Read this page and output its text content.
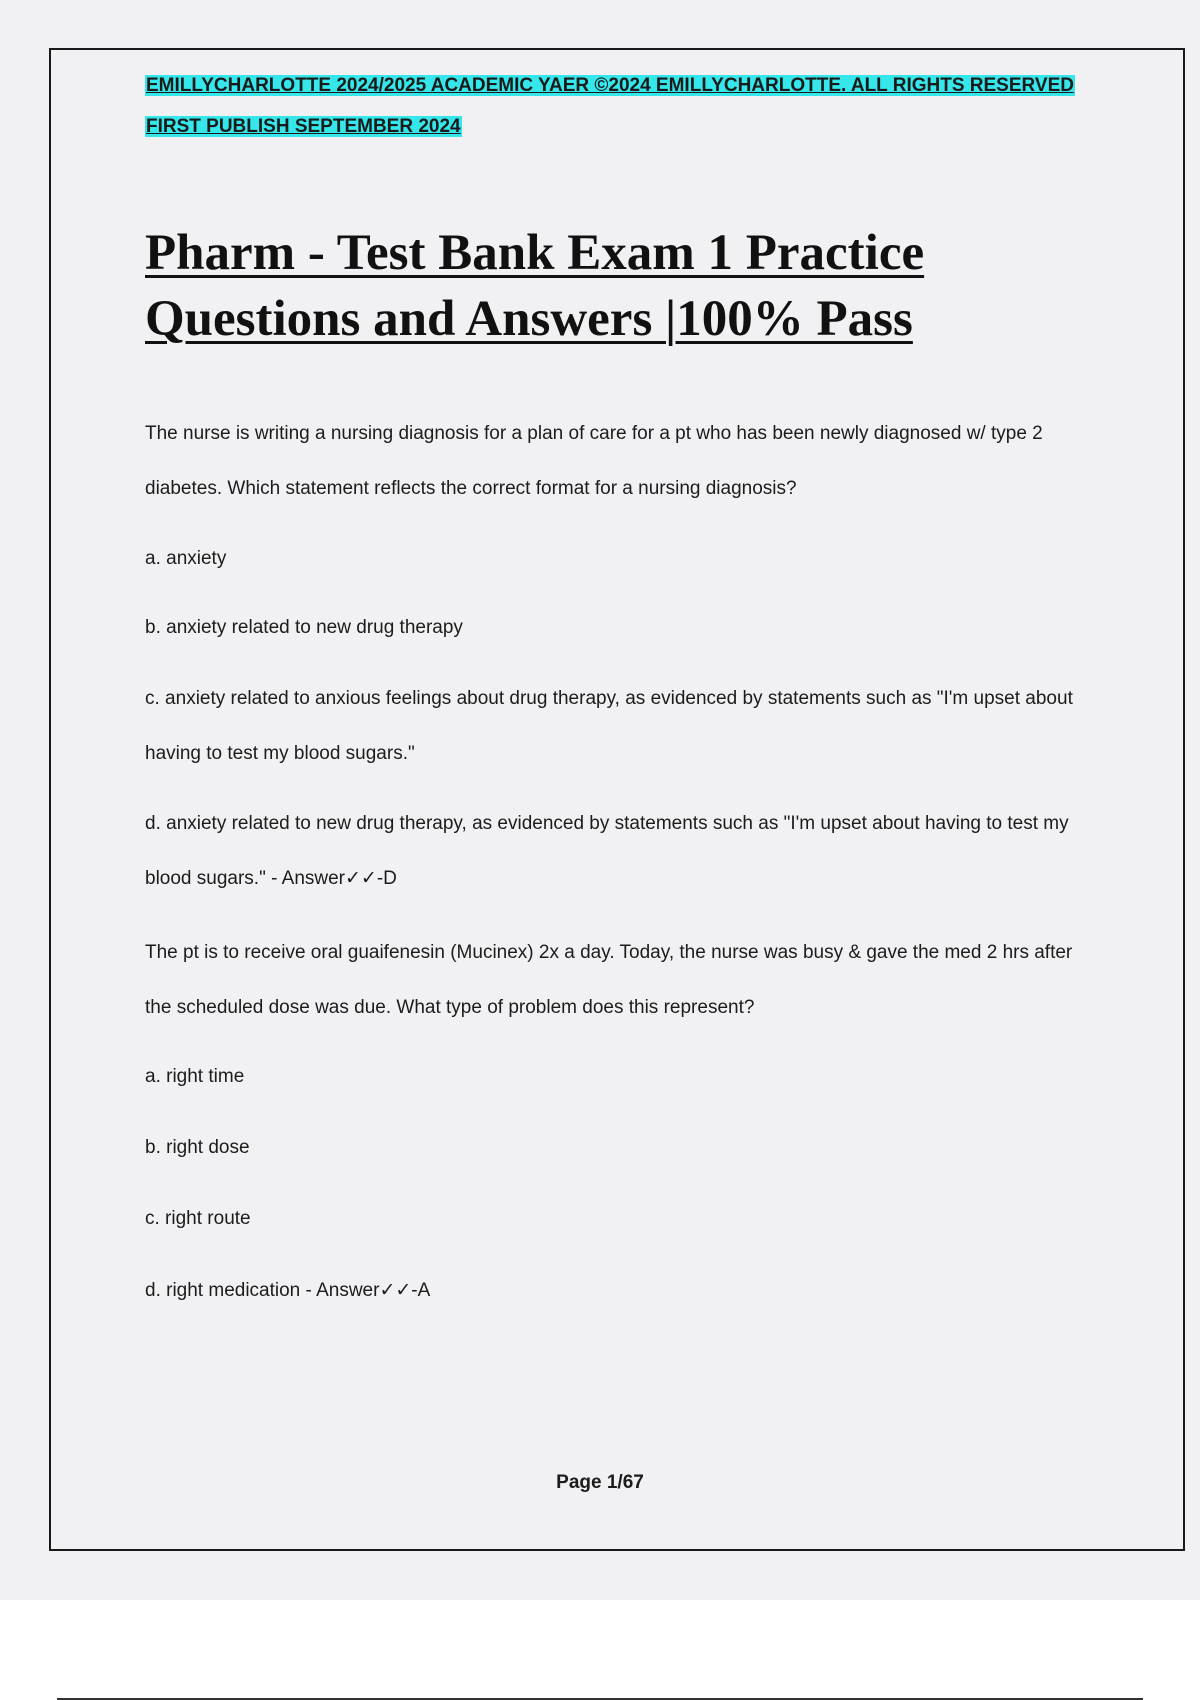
EMILLYCHARLOTTE 2024/2025 ACADEMIC YAER ©2024 EMILLYCHARLOTTE. ALL RIGHTS RESERVED
FIRST PUBLISH SEPTEMBER 2024
Pharm - Test Bank Exam 1 Practice Questions and Answers |100% Pass

The nurse is writing a nursing diagnosis for a plan of care for a pt who has been newly diagnosed w/ type 2 diabetes. Which statement reflects the correct format for a nursing diagnosis?

a. anxiety

b. anxiety related to new drug therapy

c. anxiety related to anxious feelings about drug therapy, as evidenced by statements such as "I'm upset about having to test my blood sugars."

d. anxiety related to new drug therapy, as evidenced by statements such as "I'm upset about having to test my blood sugars." - Answer✓✓-D

The pt is to receive oral guaifenesin (Mucinex) 2x a day. Today, the nurse was busy & gave the med 2 hrs after the scheduled dose was due. What type of problem does this represent?

a. right time

b. right dose

c. right route

d. right medication - Answer✓✓-A

Page 1/67
